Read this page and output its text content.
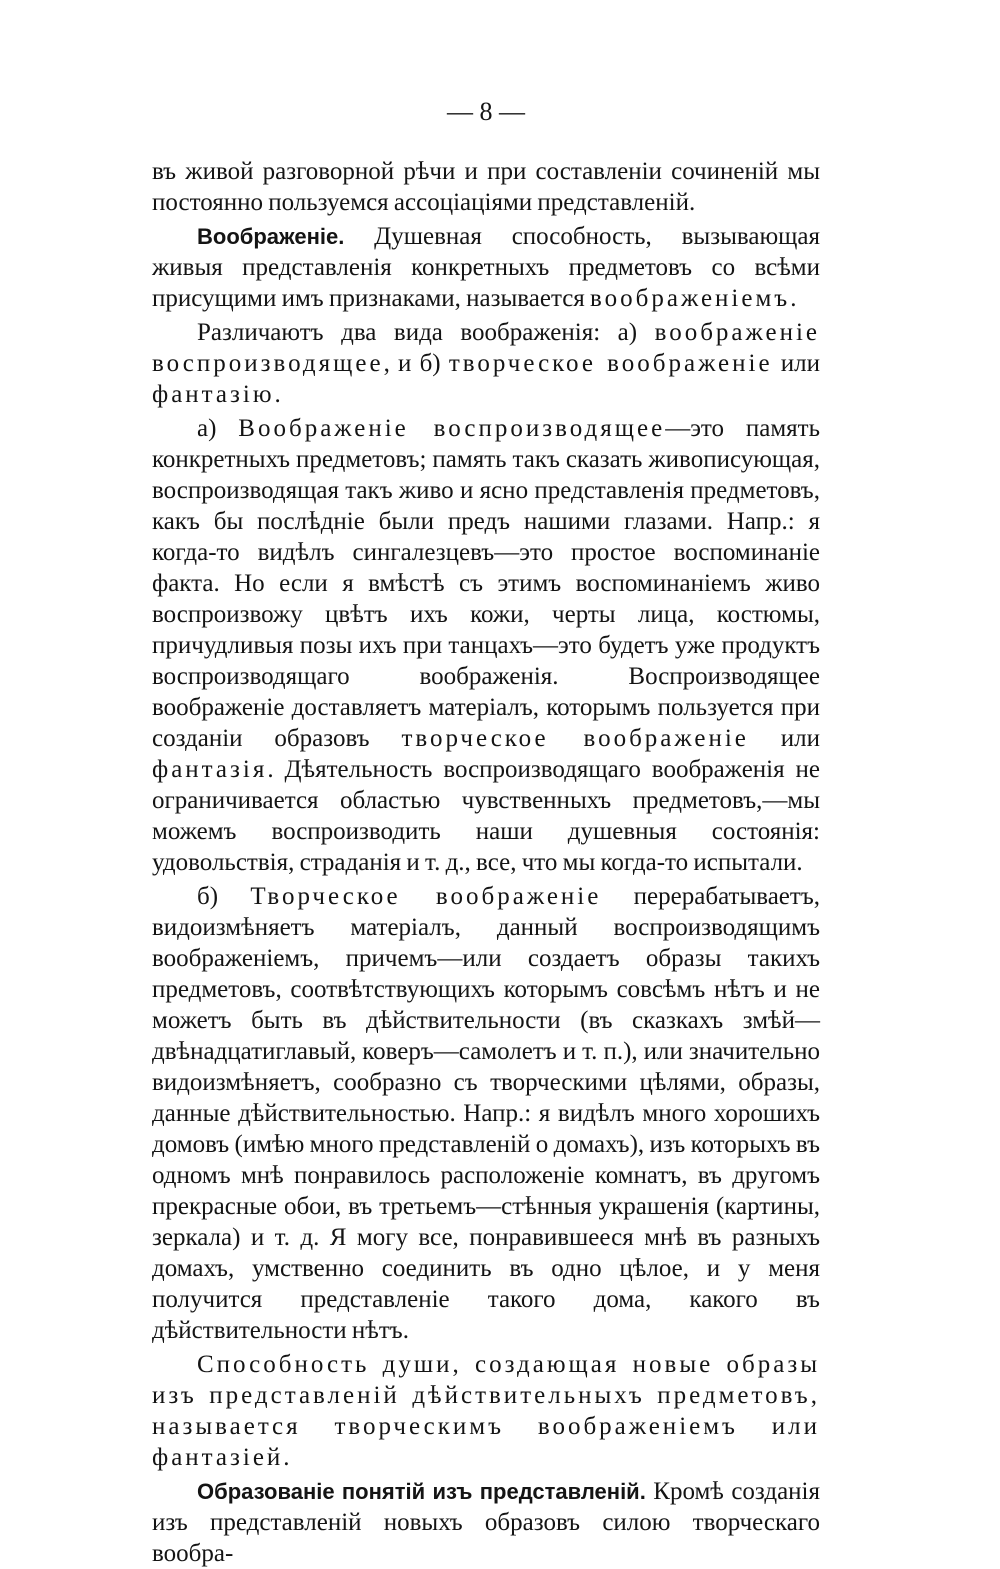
— 8 —

въ живой разговорной рѣчи и при составленіи сочиненій мы постоянно пользуемся ассоціаціями представленій.

Воображеніе. Душевная способность, вызывающая живыя представленія конкретныхъ предметовъ со всѣми присущими имъ признаками, называется воображеніемъ.

Различаютъ два вида воображенія: а) воображеніе воспроизводящее, и б) творческое воображеніе или фантазію.

а) Воображеніе воспроизводящее—это память конкретныхъ предметовъ; память такъ сказать живописующая, воспроизводящая такъ живо и ясно представленія предметовъ, какъ бы послѣдніе были предъ нашими глазами. Напр.: я когда-то видѣлъ сингалезцевъ—это простое воспоминаніе факта. Но если я вмѣстѣ съ этимъ воспоминаніемъ живо воспроизвожу цвѣтъ ихъ кожи, черты лица, костюмы, причудливыя позы ихъ при танцахъ—это будетъ уже продуктъ воспроизводящаго воображенія. Воспроизводящее воображеніе доставляетъ матеріалъ, которымъ пользуется при созданіи образовъ творческое воображеніе или фантазія. Дѣятельность воспроизводящаго воображенія не ограничивается областью чувственныхъ предметовъ,—мы можемъ воспроизводить наши душевныя состоянія: удовольствія, страданія и т. д., все, что мы когда-то испытали.

б) Творческое воображеніе перерабатываетъ, видоизмѣняетъ матеріалъ, данный воспроизводящимъ воображеніемъ, причемъ—или создаетъ образы такихъ предметовъ, соотвѣтствующихъ которымъ совсѣмъ нѣтъ и не можетъ быть въ дѣйствительности (въ сказкахъ змѣй—двѣнадцатиглавый, коверъ—самолетъ и т. п.), или значительно видоизмѣняетъ, сообразно съ творческими цѣлями, образы, данные дѣйствительностью. Напр.: я видѣлъ много хорошихъ домовъ (имѣю много представленій о домахъ), изъ которыхъ въ одномъ мнѣ понравилось расположеніе комнатъ, въ другомъ прекрасные обои, въ третьемъ—стѣнныя украшенія (картины, зеркала) и т. д. Я могу все, понравившееся мнѣ въ разныхъ домахъ, умственно соединить въ одно цѣлое, и у меня получится представленіе такого дома, какого въ дѣйствительности нѣтъ.

Способность души, создающая новые образы изъ представленій дѣйствительныхъ предметовъ, называется творческимъ воображеніемъ или фантазіей.

Образованіе понятій изъ представленій. Кромѣ созданія изъ представленій новыхъ образовъ силою творческаго вообра-
